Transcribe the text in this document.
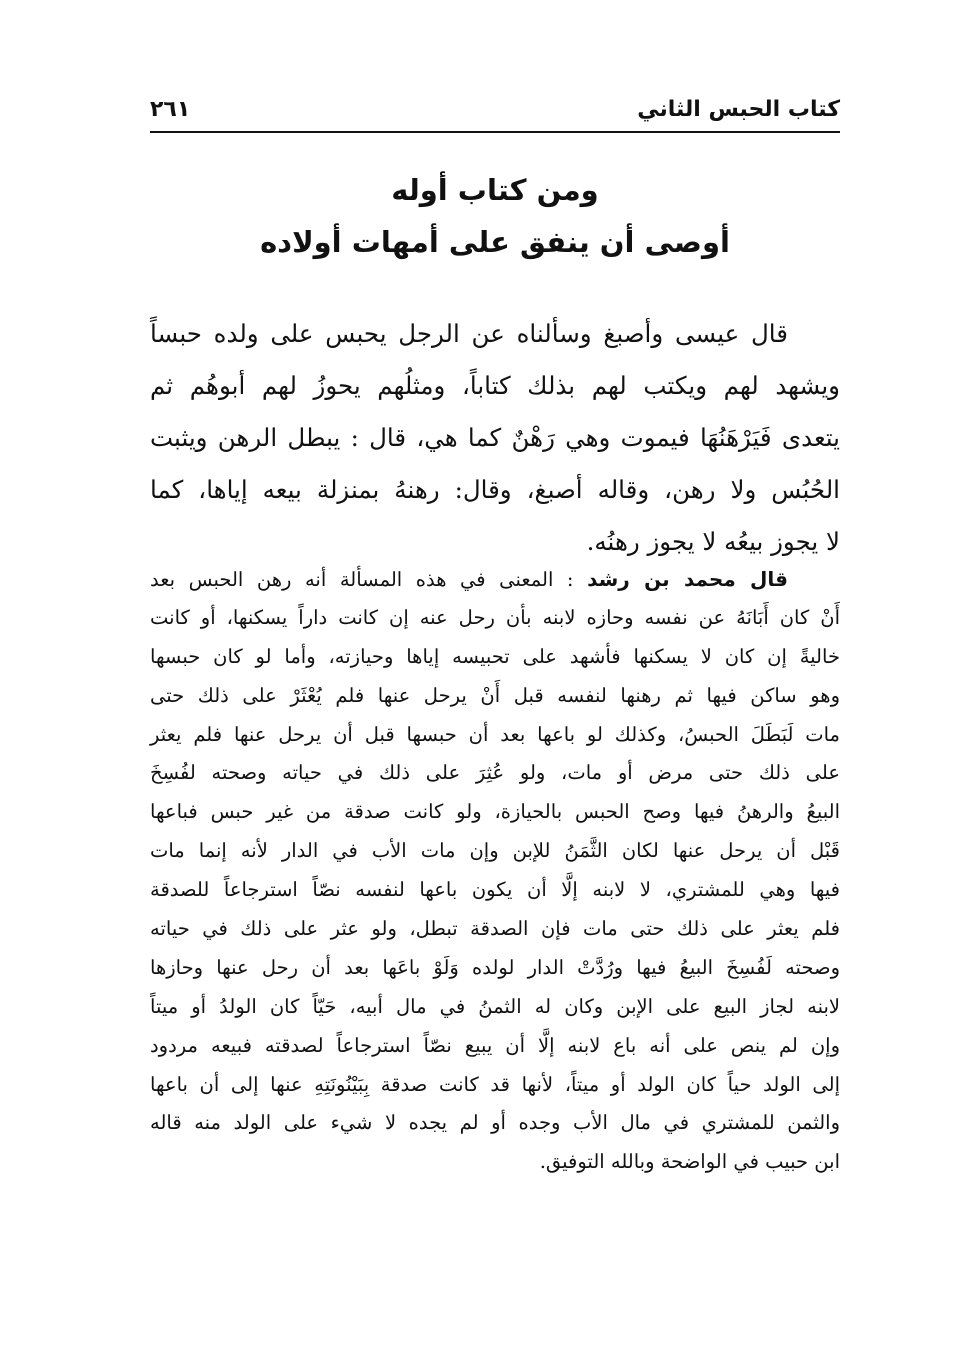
كتاب الحبس الثاني
٢٦١
ومن كتاب أوله
أوصى أن ينفق على أمهات أولاده
قال عيسى وأصبغ وسألناه عن الرجل يحبس على ولده حبساً
ويشهد لهم ويكتب لهم بذلك كتاباً، ومثلُهم يحوزُ لهم أبوهُم ثم
يتعدى فَيَرْهَنُهَا فيموت وهي رَهْنٌ كما هي، قال : يبطل الرهن ويثبت
الحُبُس ولا رهن، وقاله أصبغ، وقال: رهنهُ بمنزلة بيعه إياها، كما
لا يجوز بيعُه لا يجوز رهنُه.
قال محمد بن رشد : المعنى في هذه المسألة أنه رهن الحبس بعد
أَنْ كان أَبَانَهُ عن نفسه وحازه لابنه بأن رحل عنه إن كانت داراً يسكنها، أو كانت
خاليةً إن كان لا يسكنها فأشهد على تحبيسه إياها وحيازته، وأما لو كان حبسها
وهو ساكن فيها ثم رهنها لنفسه قبل أَنْ يرحل عنها فلم يُعْثَرْ على ذلك حتى
مات لَبَطَلَ الحبسُ، وكذلك لو باعها بعد أن حبسها قبل أن يرحل عنها فلم يعثر
على ذلك حتى مرض أو مات، ولو عُثِرَ على ذلك في حياته وصحته لفُسِخَ
البيعُ والرهنُ فيها وصح الحبس بالحيازة، ولو كانت صدقة من غير حبس فباعها
قَبْل أن يرحل عنها لكان الثَّمَنُ للإبن وإن مات الأب في الدار لأنه إنما مات
فيها وهي للمشتري، لا لابنه إلَّا أن يكون باعها لنفسه نصّاً استرجاعاً للصدقة
فلم يعثر على ذلك حتى مات فإن الصدقة تبطل، ولو عثر على ذلك في حياته
وصحته لَفُسِخَ البيعُ فيها ورُدَّتْ الدار لولده وَلَوْ باعَها بعد أن رحل عنها وحازها
لابنه لجاز البيع على الإبن وكان له الثمنُ في مال أبيه، حَيّاً كان الولدُ أو ميتاً
وإن لم ينص على أنه باع لابنه إلَّا أن يبيع نصّاً استرجاعاً لصدقته فبيعه مردود
إلى الولد حياً كان الولد أو ميتاً، لأنها قد كانت صدقة بِبَيْنُونَتِهِ عنها إلى أن باعها
والثمن للمشتري في مال الأب وجده أو لم يجده لا شيء على الولد منه قاله
ابن حبيب في الواضحة وبالله التوفيق.
